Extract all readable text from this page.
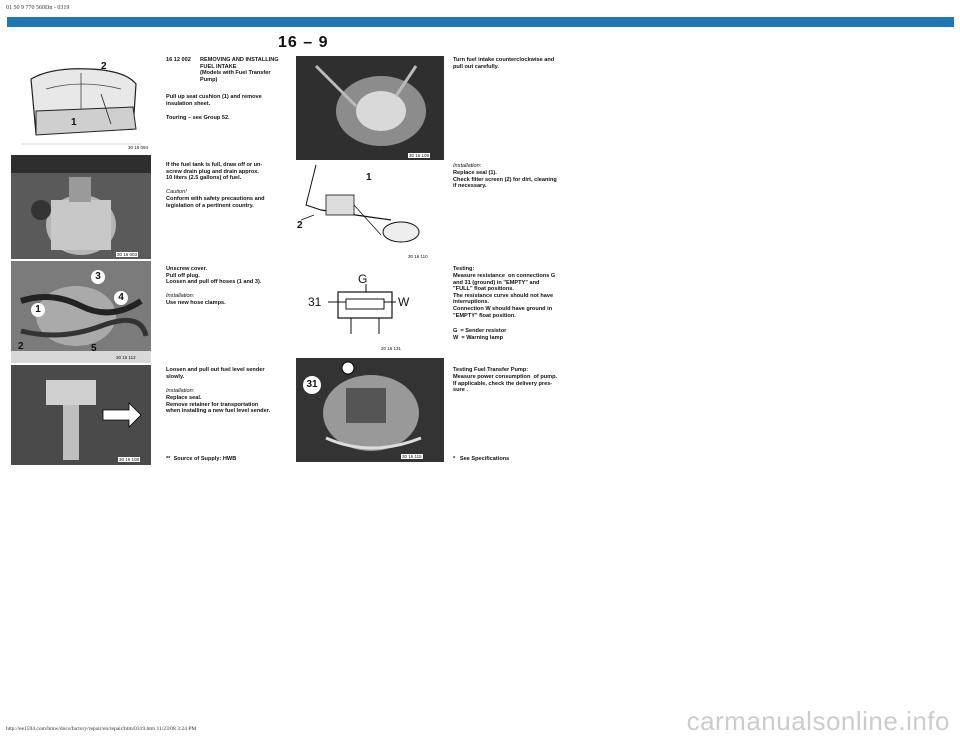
01 50 9 770 560Dn - 0319
16 – 9
2
1
30 16 094
30 16 003
3
4
1
2	5
30 16 112
30 16 108
16 12 002 REMOVING AND INSTALLING
FUEL INTAKE
(Models with Fuel Transfer
Pump)
Pull up seat cushion (1) and remove
insulation sheet.
Touring – see Group 52.
If the fuel tank is full, draw off or un-
screw drain plug and drain approx.
10 liters (2.5 gallons) of fuel.
Caution!
Conform with safety precautions and
legislation of a pertinent country.
Unscrew cover.
Pull off plug.
Loosen and pull off hoses (1 and 3).
Installation:
Use new hose clamps.
Loosen and pull out fuel level sender
slowly.
Installation:
Replace seal.
Remove retainer for transportation
when installing a new fuel level sender.
**  Source of Supply: HWB
30 16 109
1
2
30 16 110
G
31	W
20 16 131
31
30 16 115
Turn fuel intake counterclockwise and
pull out carefully.
Installation:
Replace seal (1).
Check filter screen (2) for dirt, cleaning
if necessary.
Testing:
Measure resistance  on connections G
and 31 (ground) in "EMPTY" and
"FULL" float positions.
The resistance curve should not have
interruptions.
Connection W should have ground in
"EMPTY" float position.
G  = Sender resistor
W  = Warning lamp
Testing Fuel Transfer Pump:
Measure power consumption  of pump.
If applicable, check the delivery pres-
sure .
*   See Specifications
http://ee1594.com/bmw/docs/factory/repair/en/repair/htm/0319.htm 11/23/08 3:24 PM	carmanualsonline.info
